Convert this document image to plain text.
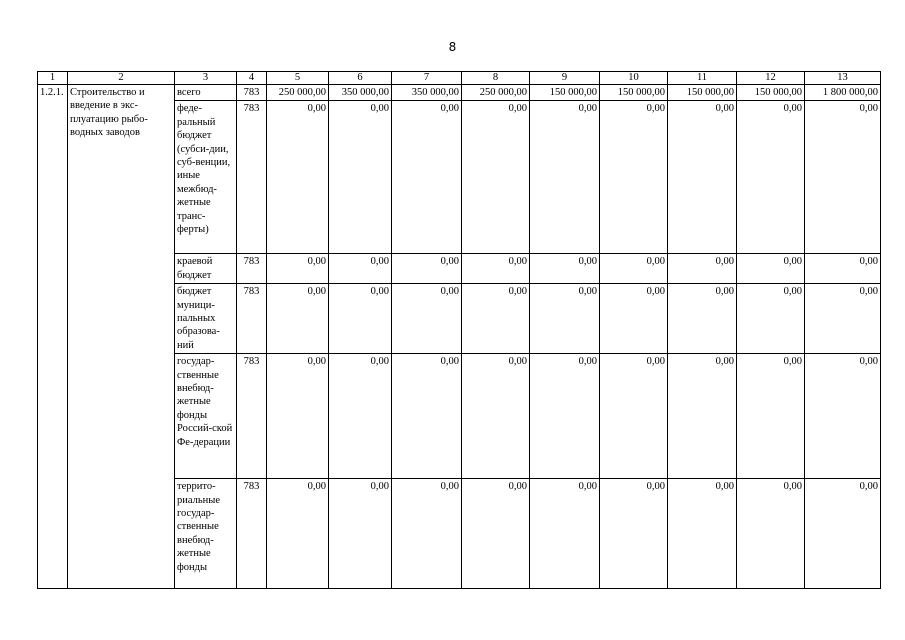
8
1	2	3	4	5	6	7	8	9	10	11	12	13
1.2.1.	Строительство и введение в экс-плуатацию рыбо-водных заводов	всего	783	250 000,00	350 000,00	350 000,00	250 000,00	150 000,00	150 000,00	150 000,00	150 000,00	1 800 000,00
		феде-ральный бюджет (субси-дии, суб-венции, иные межбюд-жетные транс-ферты)	783	0,00	0,00	0,00	0,00	0,00	0,00	0,00	0,00	0,00
		краевой бюджет	783	0,00	0,00	0,00	0,00	0,00	0,00	0,00	0,00	0,00
		бюджет муници-пальных образова-ний	783	0,00	0,00	0,00	0,00	0,00	0,00	0,00	0,00	0,00
		государ-ственные внебюд-жетные фонды Россий-ской Фе-дерации	783	0,00	0,00	0,00	0,00	0,00	0,00	0,00	0,00	0,00
		террито-риальные государ-ственные внебюд-жетные фонды	783	0,00	0,00	0,00	0,00	0,00	0,00	0,00	0,00	0,00
